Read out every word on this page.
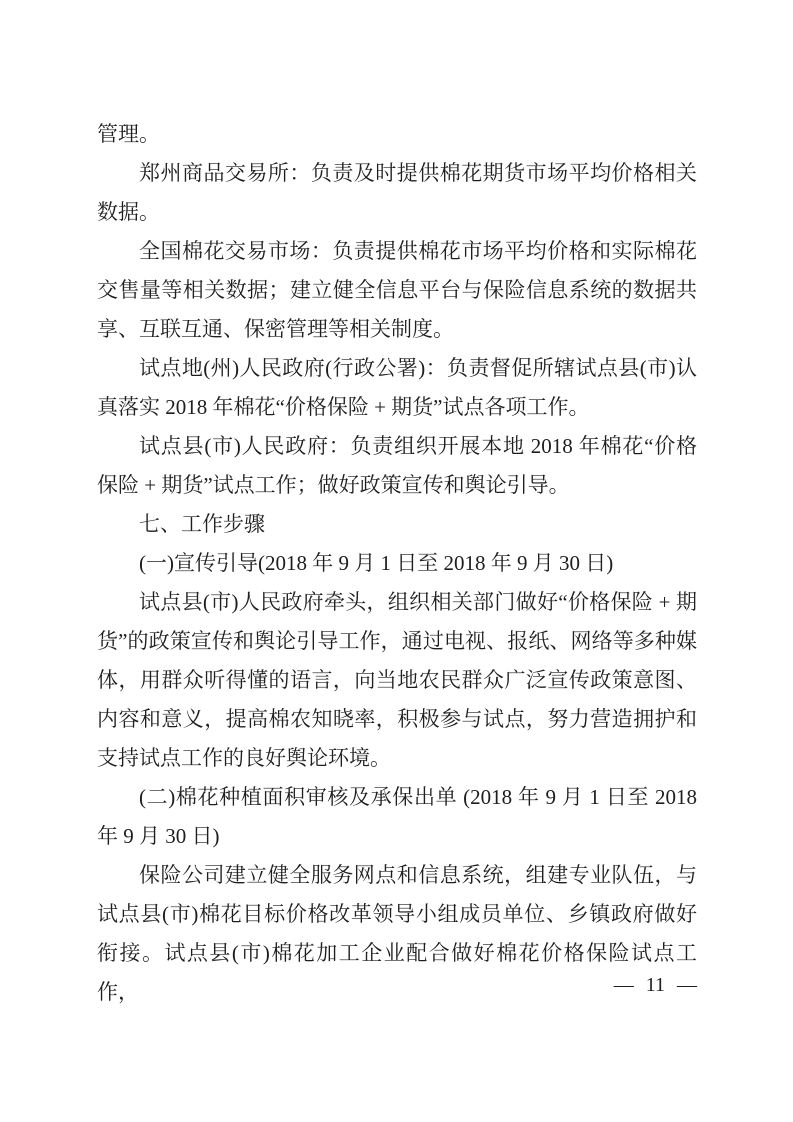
管理。

郑州商品交易所：负责及时提供棉花期货市场平均价格相关数据。

全国棉花交易市场：负责提供棉花市场平均价格和实际棉花交售量等相关数据；建立健全信息平台与保险信息系统的数据共享、互联互通、保密管理等相关制度。

试点地(州)人民政府(行政公署)：负责督促所辖试点县(市)认真落实 2018 年棉花“价格保险 + 期货”试点各项工作。

试点县(市)人民政府：负责组织开展本地 2018 年棉花“价格保险 + 期货”试点工作；做好政策宣传和舆论引导。

七、工作步骤

(一)宣传引导(2018 年 9 月 1 日至 2018 年 9 月 30 日)

试点县(市)人民政府牵头，组织相关部门做好“价格保险 + 期货”的政策宣传和舆论引导工作，通过电视、报纸、网络等多种媒体，用群众听得懂的语言，向当地农民群众广泛宣传政策意图、内容和意义，提高棉农知晓率，积极参与试点，努力营造拥护和支持试点工作的良好舆论环境。

(二)棉花种植面积审核及承保出单 (2018 年 9 月 1 日至 2018 年 9 月 30 日)

保险公司建立健全服务网点和信息系统，组建专业队伍，与试点县(市)棉花目标价格改革领导小组成员单位、乡镇政府做好衔接。试点县(市)棉花加工企业配合做好棉花价格保险试点工作，	— 11 —
